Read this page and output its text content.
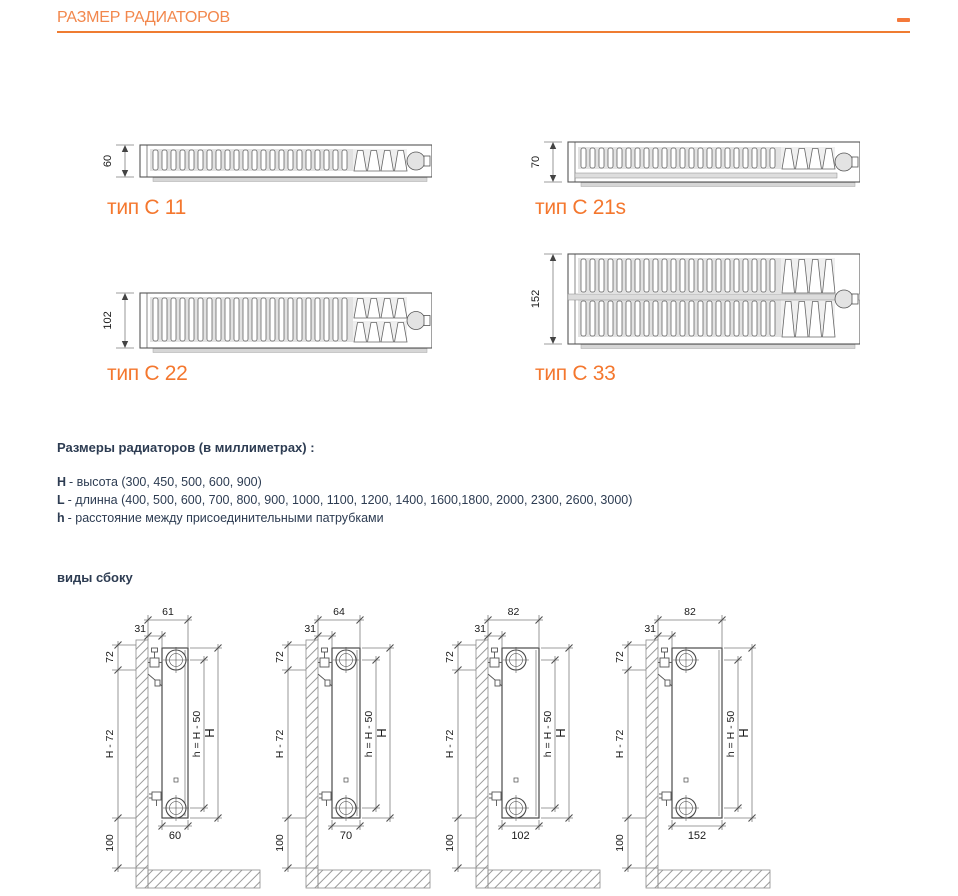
РАЗМЕР РАДИАТОРОВ
60	70
102
152
тип С 11	тип С 21s
тип С 22	тип С 33
Размеры радиаторов (в миллиметрах) :
H - высота (300, 450, 500, 600, 900)
L - длинна (400, 500, 600, 700, 800, 900, 1000, 1100, 1200, 1400, 1600,1800, 2000, 2300, 2600, 3000)
h - расстояние между присоединительными патрубками
виды сбоку
72
H - 72
100
61
31
h = H - 50 H
60
72
H - 72
100
64
31
h = H - 50 H
70
72
H - 72
100
82
31
h = H - 50 H
102
72
H - 72
100
82
31
h = H - 50 H
152
